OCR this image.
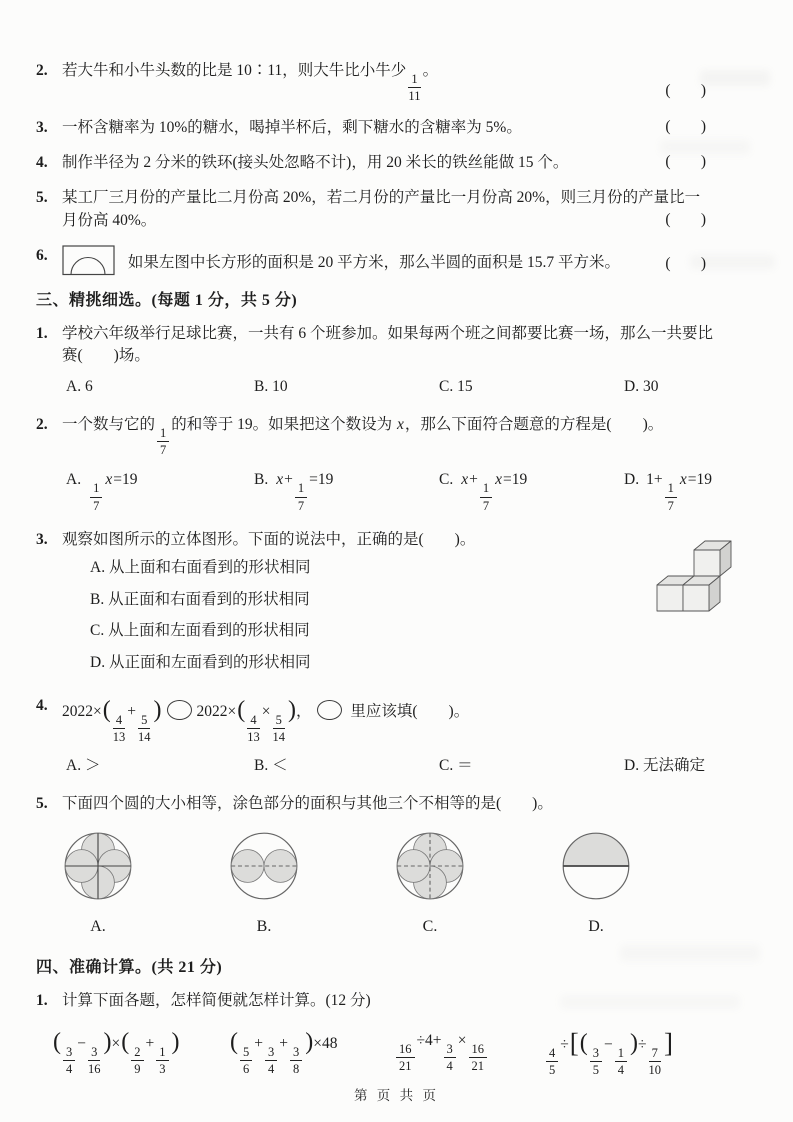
2. 若大牛和小牛头数的比是 10∶11，则大牛比小牛少
$\frac{1}{11}$
。
(      )
3. 一杯含糖率为 10%的糖水，喝掉半杯后，剩下糖水的含糖率为 5%。	(      )
4. 制作半径为 2 分米的铁环(接头处忽略不计)，用 20 米长的铁丝能做 15 个。	(      )
5. 某工厂三月份的产量比二月份高 20%，若二月份的产量比一月份高 20%，则三月份的产量比一月份高 40%。	(      )
6.	如果左图中长方形的面积是 20 平方米，那么半圆的面积是 15.7 平方米。	(      )
三、精挑细选。(每题 1 分，共 5 分)
1. 学校六年级举行足球比赛，一共有 6 个班参加。如果每两个班之间都要比赛一场，那么一共要比赛(　　)场。
A. 6	B. 10	C. 15	D. 30
2. 一个数与它的
$\frac{1}{7}$
的和等于 19。如果把这个数设为 x，那么下面符合题意的方程是(　　)。
A.
$\frac{1}{7}$
x=19	B. x+
$\frac{1}{7}$
=19	C. x+
$\frac{1}{7}$
x=19	D. 1+
$\frac{1}{7}$
x=19
3. 观察如图所示的立体图形。下面的说法中，正确的是(　　)。
A. 从上面和右面看到的形状相同
B. 从正面和右面看到的形状相同
C. 从上面和左面看到的形状相同
D. 从正面和左面看到的形状相同
4. 2022×(
$\frac{4}{13}$
+
$\frac{5}{14}$
) 2022×(
$\frac{4}{13}$
×
$\frac{5}{14}$
)， 里应该填(　　)。
A. ＞	B. ＜	C. ＝	D. 无法确定
5. 下面四个圆的大小相等，涂色部分的面积与其他三个不相等的是(　　)。
A.	B.	C.	D.
四、准确计算。(共 21 分)
1. 计算下面各题，怎样简便就怎样计算。(12 分)
(
$\frac{3}{4}$
−
$\frac{3}{16}$
)×(
$\frac{2}{9}$
+
$\frac{1}{3}$
)	(
$\frac{5}{6}$
+
$\frac{3}{4}$
+
$\frac{3}{8}$
)×48	$\frac{16}{21}$
÷4+
$\frac{3}{4}$
×
$\frac{16}{21}$	$\frac{4}{5}$
÷[(
$\frac{3}{5}$
−
$\frac{1}{4}$
)÷
$\frac{7}{10}$
]
第 页 共 页
